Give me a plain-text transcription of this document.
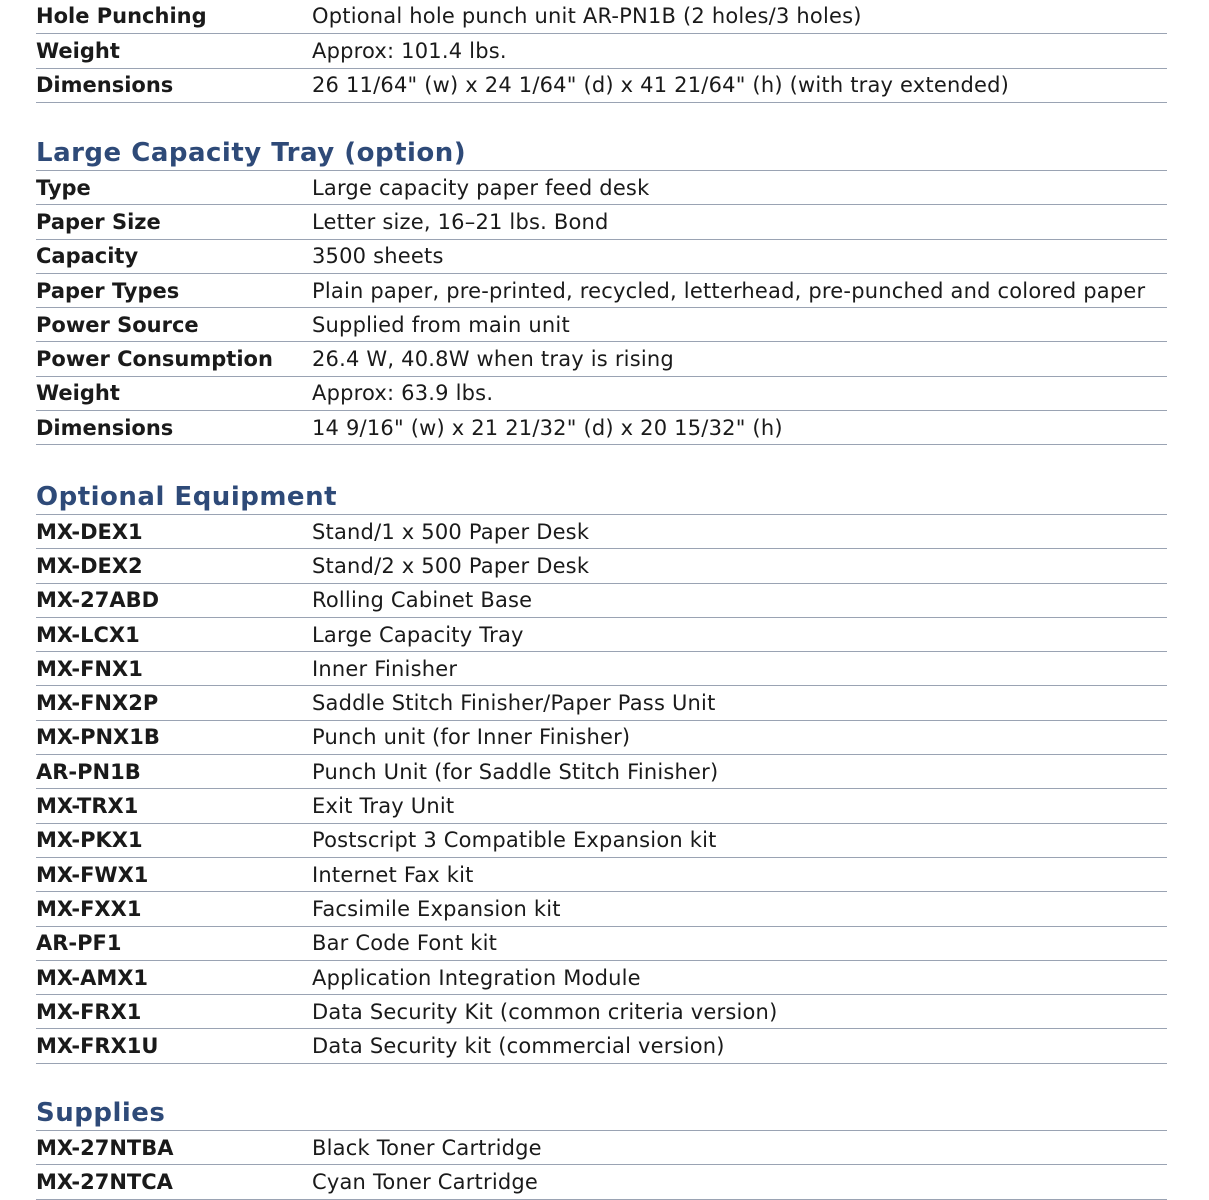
Hole Punching	Optional hole punch unit AR-PN1B (2 holes/3 holes)
Weight	Approx: 101.4 lbs.
Dimensions	26 11/64" (w) x 24 1/64" (d) x 41 21/64" (h) (with tray extended)
Large Capacity Tray (option)
Type	Large capacity paper feed desk
Paper Size	Letter size, 16–21 lbs. Bond
Capacity	3500 sheets
Paper Types	Plain paper, pre-printed, recycled, letterhead, pre-punched and colored paper
Power Source	Supplied from main unit
Power Consumption	26.4 W, 40.8W when tray is rising
Weight	Approx: 63.9 lbs.
Dimensions	14 9/16" (w) x 21 21/32" (d) x 20 15/32" (h)
Optional Equipment
MX-DEX1	Stand/1 x 500 Paper Desk
MX-DEX2	Stand/2 x 500 Paper Desk
MX-27ABD	Rolling Cabinet Base
MX-LCX1	Large Capacity Tray
MX-FNX1	Inner Finisher
MX-FNX2P	Saddle Stitch Finisher/Paper Pass Unit
MX-PNX1B	Punch unit (for Inner Finisher)
AR-PN1B	Punch Unit (for Saddle Stitch Finisher)
MX-TRX1	Exit Tray Unit
MX-PKX1	Postscript 3 Compatible Expansion kit
MX-FWX1	Internet Fax kit
MX-FXX1	Facsimile Expansion kit
AR-PF1	Bar Code Font kit
MX-AMX1	Application Integration Module
MX-FRX1	Data Security Kit (common criteria version)
MX-FRX1U	Data Security kit (commercial version)
Supplies
MX-27NTBA	Black Toner Cartridge
MX-27NTCA	Cyan Toner Cartridge
